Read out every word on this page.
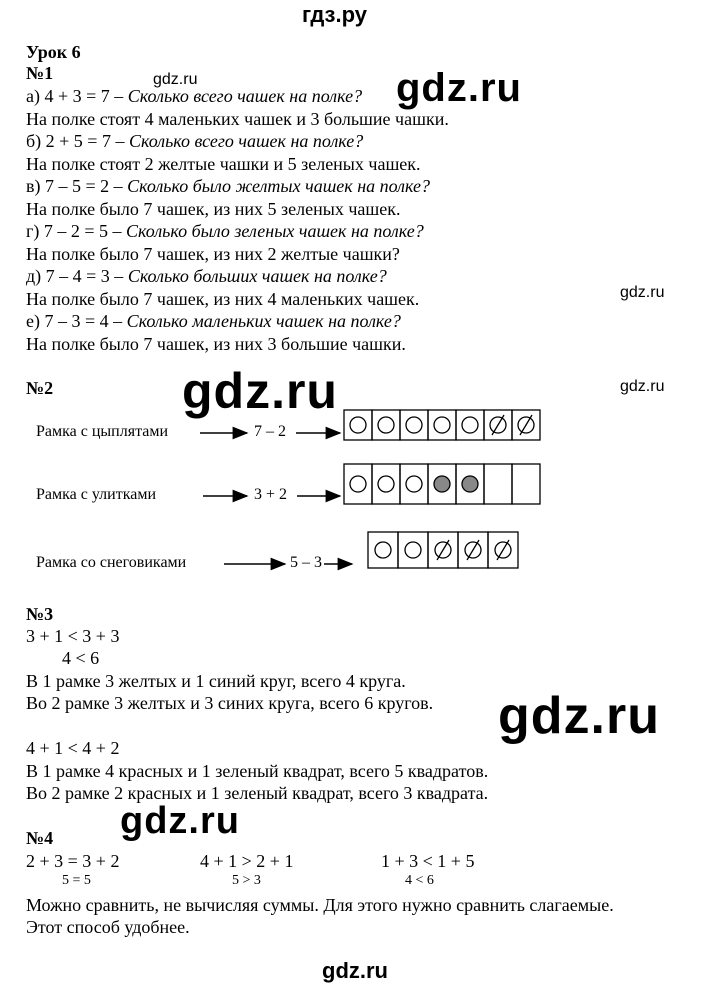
гдз.ру
Урок 6
№1
а) 4 + 3 = 7 – Сколько всего чашек на полке?
На полке стоят 4 маленьких чашек и 3 большие чашки.
б) 2 + 5 = 7 – Сколько всего чашек на полке?
На полке стоят 2 желтые чашки и 5 зеленых чашек.
в) 7 – 5 = 2 – Сколько было желтых чашек на полке?
На полке было 7 чашек, из них 5 зеленых чашек.
г) 7 – 2 = 5 – Сколько было зеленых чашек на полке?
На полке было 7 чашек, из них 2 желтые чашки?
д) 7 – 4 = 3 – Сколько больших чашек на полке?
На полке было 7 чашек, из них 4 маленьких чашек.
е) 7 – 3 = 4 – Сколько маленьких чашек на полке?
На полке было 7 чашек, из них 3 большие чашки.
gdz.ru	gdz.ru
gdz.ru
gdz.ru
gdz.ru
gdz.ru
gdz.ru
gdz.ru
№2
Рамка с цыплятами	7 – 2
Рамка с улитками	3 + 2
Рамка со снеговиками	5 – 3
№3
3 + 1 < 3 + 3
4 < 6
В 1 рамке 3 желтых и 1 синий круг, всего 4 круга.
Во 2 рамке 3 желтых и 3 синих круга, всего 6 кругов.
4 + 1 < 4 + 2
В 1 рамке 4 красных и 1 зеленый квадрат, всего 5 квадратов.
Во 2 рамке 2 красных и 1 зеленый квадрат, всего 3 квадрата.
№4
2 + 3 = 3 + 2
5 = 5
4 + 1 > 2 + 1
5 > 3
1 + 3 < 1 + 5
4 < 6
Можно сравнить, не вычисляя суммы. Для этого нужно сравнить слагаемые.
Этот способ удобнее.
